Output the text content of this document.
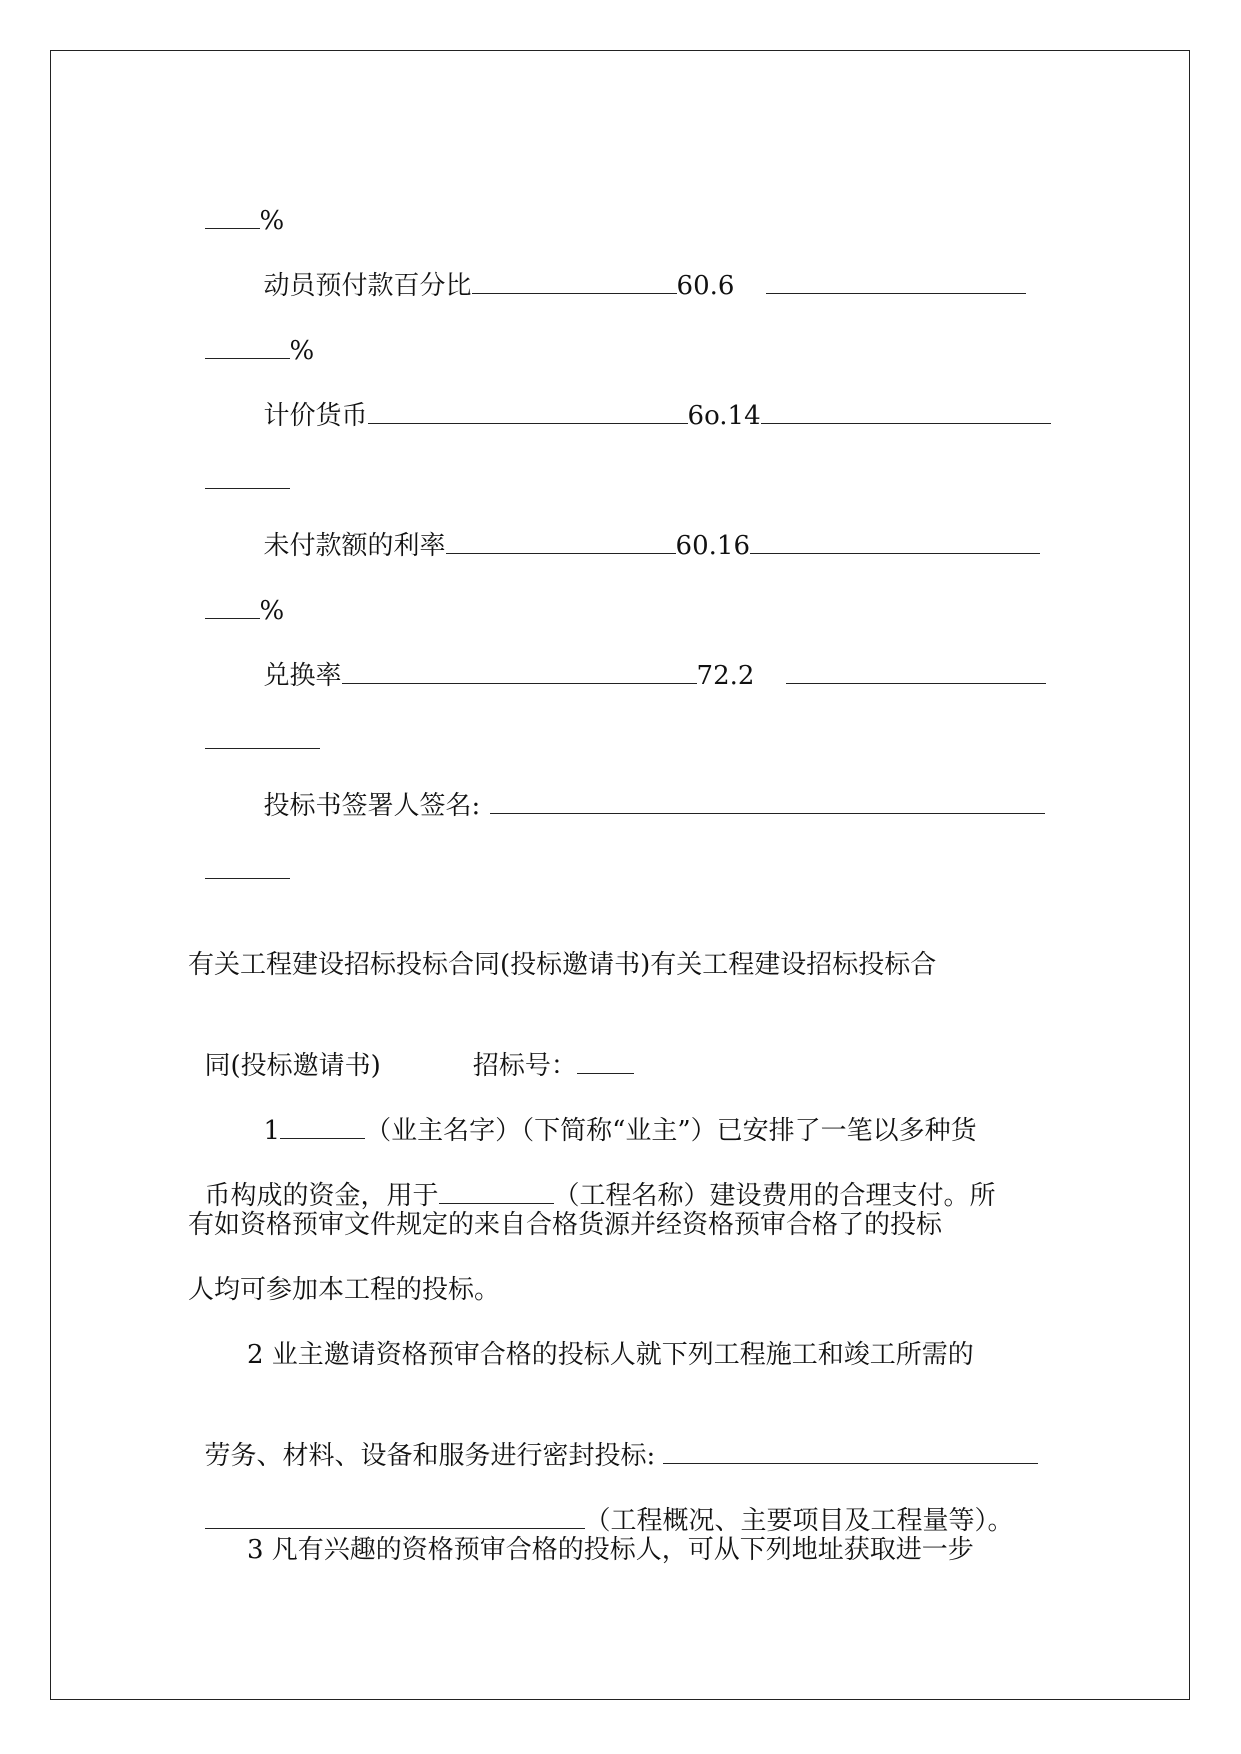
%

动员预付款百分比	60.6

%

计价货币	6o.14

未付款额的利率	60.16

%

兑换率	72.2

投标书签署人签名:

有关工程建设招标投标合同(投标邀请书)有关工程建设招标投标合

同(投标邀请书)	招标号：

1	（业主名字）（下简称“业主”）已安排了一笔以多种货

币构成的资金，用于	（工程名称）建设费用的合理支付。所

有如资格预审文件规定的来自合格货源并经资格预审合格了的投标
人均可参加本工程的投标。
2 业主邀请资格预审合格的投标人就下列工程施工和竣工所需的

劳务、材料、设备和服务进行密封投标:

（工程概况、主要项目及工程量等）。

3 凡有兴趣的资格预审合格的投标人，可从下列地址获取进一步
